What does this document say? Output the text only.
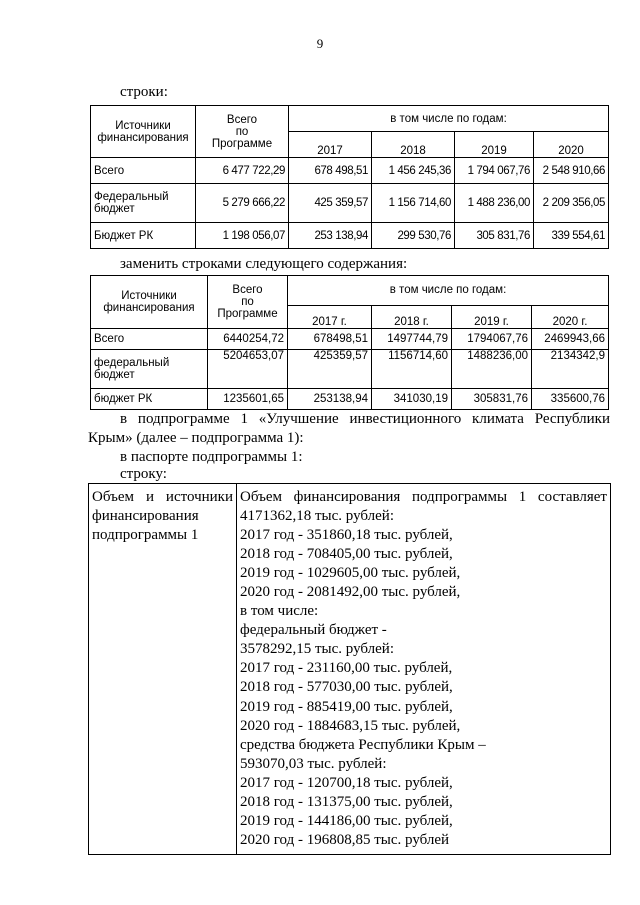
9
строки:
Источники
финансирования	Всего
по
Программе	в том числе по годам:			
		2017	2018	2019	2020

Всего	6 477 722,29	678 498,51	1 456 245,36	1 794 067,76	2 548 910,66

Федеральный
бюджет	5 279 666,22	425 359,57	1 156 714,60	1 488 236,00	2 209 356,05

Бюджет РК	1 198 056,07	253 138,94	299 530,76	305 831,76	339 554,61
заменить строками следующего содержания:
Источники
финансирования	Всего
по
Программе	в том числе по годам:			
		2017 г.	2018 г.	2019 г.	2020 г.

Всего	6440254,72	678498,51	1497744,79	1794067,76	2469943,66

федеральный
бюджет	5204653,07	425359,57	1156714,60	1488236,00	2134342,9

бюджет РК	1235601,65	253138,94	341030,19	305831,76	335600,76
в подпрограмме 1 «Улучшение инвестиционного климата Республики
Крым» (далее – подпрограмма 1):
в паспорте подпрограммы 1:
строку:
Объем и источники
финансирования
подпрограммы 1

Объем финансирования подпрограммы 1 составляет
4171362,18 тыс. рублей:
2017 год - 351860,18 тыс. рублей,
2018 год - 708405,00 тыс. рублей,
2019 год - 1029605,00 тыс. рублей,
2020 год - 2081492,00 тыс. рублей,
в том числе:
федеральный бюджет -
3578292,15 тыс. рублей:
2017 год - 231160,00 тыс. рублей,
2018 год - 577030,00 тыс. рублей,
2019 год - 885419,00 тыс. рублей,
2020 год - 1884683,15 тыс. рублей,
средства бюджета Республики Крым –
593070,03 тыс. рублей:
2017 год - 120700,18 тыс. рублей,
2018 год - 131375,00 тыс. рублей,
2019 год - 144186,00 тыс. рублей,
2020 год - 196808,85 тыс. рублей
